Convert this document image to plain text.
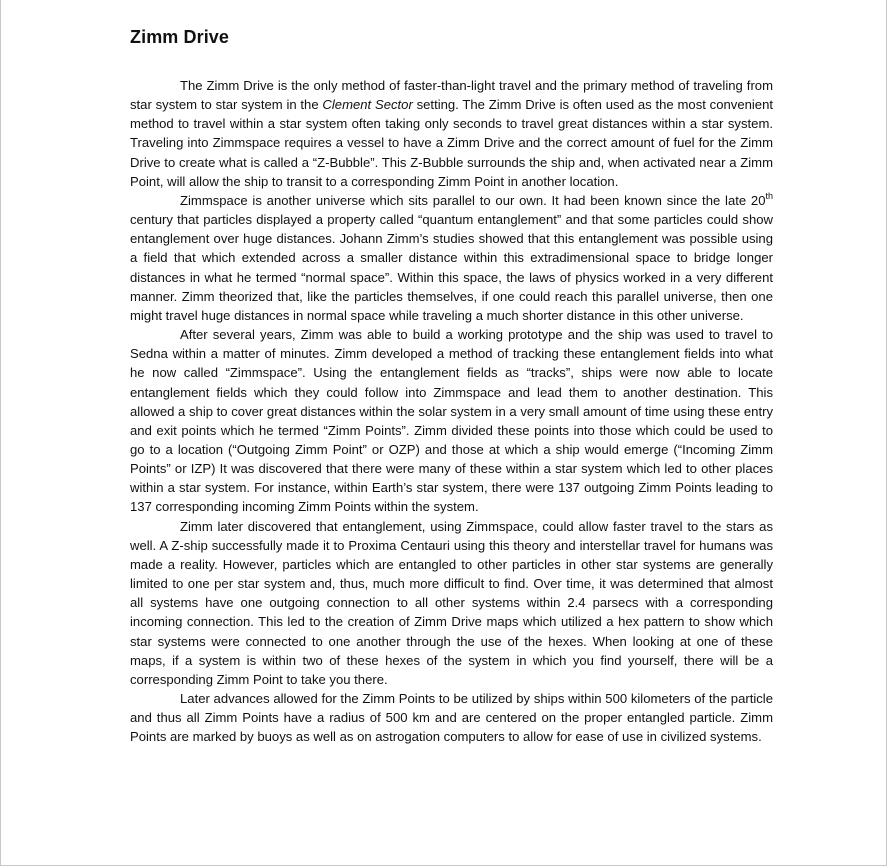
Zimm Drive

The Zimm Drive is the only method of faster-than-light travel and the primary method of traveling from star system to star system in the Clement Sector setting. The Zimm Drive is often used as the most convenient method to travel within a star system often taking only seconds to travel great distances within a star system. Traveling into Zimmspace requires a vessel to have a Zimm Drive and the correct amount of fuel for the Zimm Drive to create what is called a “Z-Bubble”. This Z-Bubble surrounds the ship and, when activated near a Zimm Point, will allow the ship to transit to a corresponding Zimm Point in another location.

Zimmspace is another universe which sits parallel to our own. It had been known since the late 20th century that particles displayed a property called “quantum entanglement” and that some particles could show entanglement over huge distances. Johann Zimm’s studies showed that this entanglement was possible using a field that which extended across a smaller distance within this extradimensional space to bridge longer distances in what he termed “normal space”. Within this space, the laws of physics worked in a very different manner. Zimm theorized that, like the particles themselves, if one could reach this parallel universe, then one might travel huge distances in normal space while traveling a much shorter distance in this other universe.

After several years, Zimm was able to build a working prototype and the ship was used to travel to Sedna within a matter of minutes. Zimm developed a method of tracking these entanglement fields into what he now called “Zimmspace”. Using the entanglement fields as “tracks”, ships were now able to locate entanglement fields which they could follow into Zimmspace and lead them to another destination. This allowed a ship to cover great distances within the solar system in a very small amount of time using these entry and exit points which he termed “Zimm Points”. Zimm divided these points into those which could be used to go to a location (“Outgoing Zimm Point” or OZP) and those at which a ship would emerge (“Incoming Zimm Points” or IZP) It was discovered that there were many of these within a star system which led to other places within a star system. For instance, within Earth’s star system, there were 137 outgoing Zimm Points leading to 137 corresponding incoming Zimm Points within the system.

Zimm later discovered that entanglement, using Zimmspace, could allow faster travel to the stars as well. A Z-ship successfully made it to Proxima Centauri using this theory and interstellar travel for humans was made a reality. However, particles which are entangled to other particles in other star systems are generally limited to one per star system and, thus, much more difficult to find. Over time, it was determined that almost all systems have one outgoing connection to all other systems within 2.4 parsecs with a corresponding incoming connection. This led to the creation of Zimm Drive maps which utilized a hex pattern to show which star systems were connected to one another through the use of the hexes. When looking at one of these maps, if a system is within two of these hexes of the system in which you find yourself, there will be a corresponding Zimm Point to take you there.

Later advances allowed for the Zimm Points to be utilized by ships within 500 kilometers of the particle and thus all Zimm Points have a radius of 500 km and are centered on the proper entangled particle. Zimm Points are marked by buoys as well as on astrogation computers to allow for ease of use in civilized systems.
